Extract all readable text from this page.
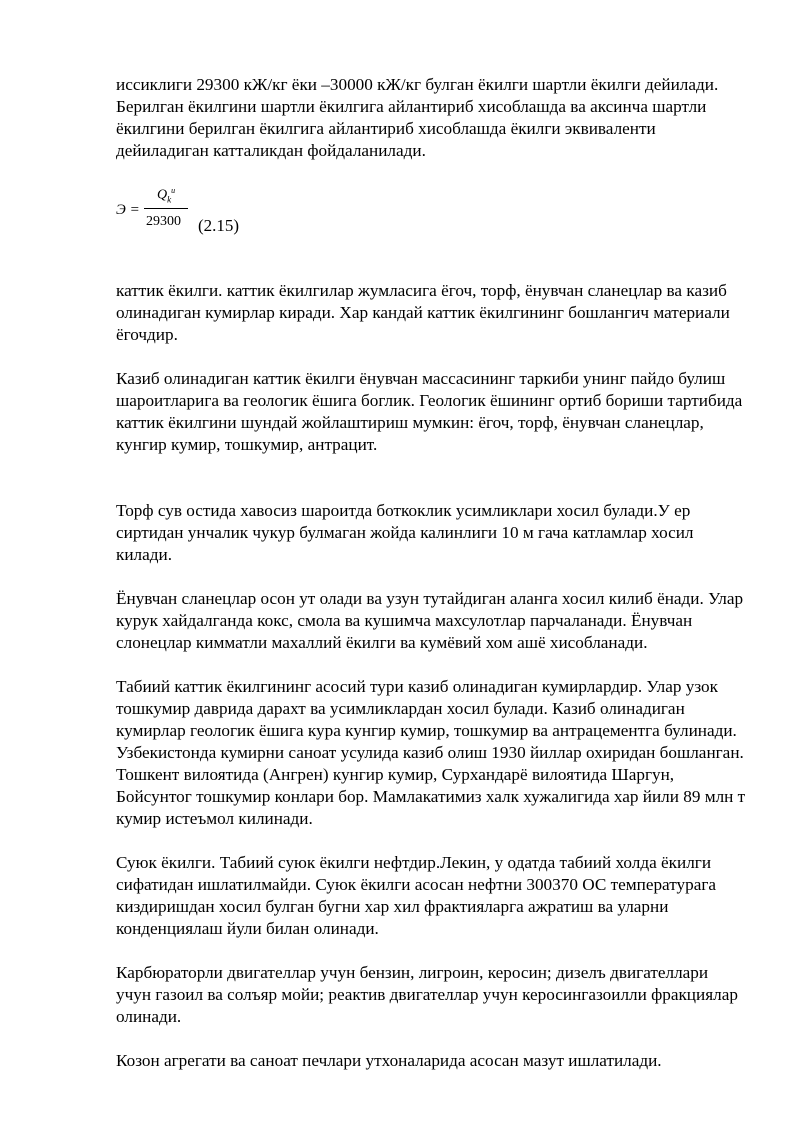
иссиклиги 29300 кЖ/кг ёки –30000 кЖ/кг булган ёкилги шартли ёкилги дейилади. Берилган ёкилгини шартли ёкилгига айлантириб хисоблашда ва аксинча шартли ёкилгини берилган ёкилгига айлантириб хисоблашда ёкилги эквиваленти дейиладиган катталикдан фойдаланилади.

Э =
$Q_k^u$
29300 (2.15)

каттик ёкилги. каттик ёкилгилар жумласига ёгоч, торф, ёнувчан сланецлар ва казиб олинадиган кумирлар киради. Хар кандай каттик ёкилгининг бошлангич материали ёгочдир.

Казиб олинадиган каттик ёкилги ёнувчан массасининг таркиби унинг пайдо булиш шароитларига ва геологик ёшига боглик. Геологик ёшининг ортиб бориши тартибида каттик ёкилгини шундай жойлаштириш мумкин: ёгоч, торф, ёнувчан сланецлар, кунгир кумир, тошкумир, антрацит.

Торф сув остида хавосиз шароитда боткоклик усимликлари хосил булади.У ер сиртидан унчалик чукур булмаган жойда калинлиги 10 м гача катламлар хосил килади.

Ёнувчан сланецлар осон ут олади ва узун тутайдиган аланга хосил килиб ёнади. Улар курук хайдалганда кокс, смола ва кушимча махсулотлар парчаланади. Ёнувчан слонецлар кимматли махаллий ёкилги ва кумёвий хом ашё хисобланади.

Табиий каттик ёкилгининг асосий тури казиб олинадиган кумирлардир. Улар узок тошкумир даврида дарахт ва усимликлардан хосил булади. Казиб олинадиган кумирлар геологик ёшига кура кунгир кумир, тошкумир ва антрацементга булинади. Узбекистонда кумирни саноат усулида казиб олиш 1930 йиллар охиридан бошланган. Тошкент вилоятида (Ангрен) кунгир кумир, Сурхандарё вилоятида Шаргун, Бойсунтог тошкумир конлари бор. Мамлакатимиз халк хужалигида хар йили 89 млн т кумир истеъмол килинади.

Суюк ёкилги. Табиий суюк ёкилги нефтдир.Лекин, у одатда табиий холда ёкилги сифатидан ишлатилмайди. Суюк ёкилги асосан нефтни 300370 ОС температурага киздиришдан хосил булган бугни хар хил фрактияларга ажратиш ва уларни конденциялаш йули билан олинади.

Карбюраторли двигателлар учун бензин, лигроин, керосин; дизелъ двигателлари учун газоил ва солъяр мойи; реактив двигателлар учун керосингазоилли фракциялар олинади.

Козон агрегати ва саноат печлари утхоналарида асосан мазут ишлатилади.
